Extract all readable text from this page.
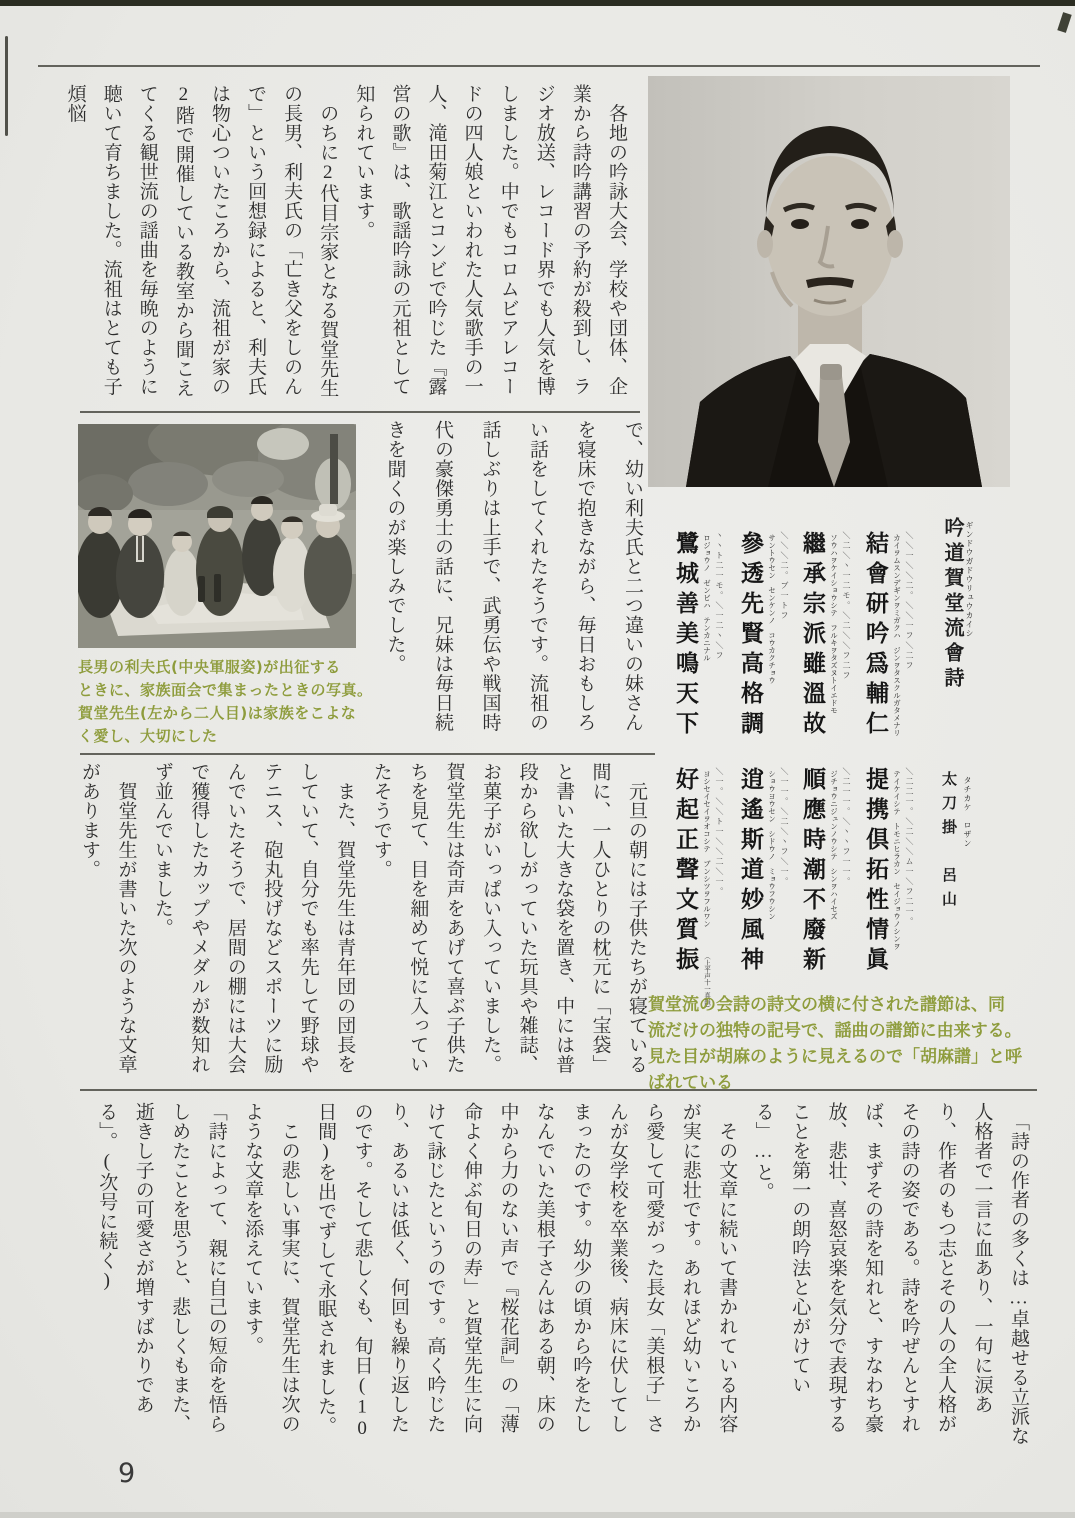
　各地の吟詠大会、学校や団体、企業から詩吟講習の予約が殺到し、ラジオ放送、レコード界でも人気を博しました。中でもコロムビアレコードの四人娘といわれた人気歌手の一人、滝田菊江とコンビで吟じた『露営の歌』は、歌謡吟詠の元祖として知られています。

　のちに2代目宗家となる賀堂先生の長男、利夫氏の「亡き父をしのんで」という回想録によると、利夫氏は物心ついたころから、流祖が家の2階で開催している教室から聞こえてくる観世流の謡曲を毎晩のように聴いて育ちました。流祖はとても子煩悩

で、幼い利夫氏と二つ違いの妹さんを寝床で抱きながら、毎日おもしろい話をしてくれたそうです。流祖の話しぶりは上手で、武勇伝や戦国時代の豪傑勇士の話に、兄妹は毎日続きを聞くのが楽しみでした。

長男の利夫氏(中央軍服姿)が出征する
ときに、家族面会で集まったときの写真。
賀堂先生(左から二人目)は家族をこよな
く愛し、大切にした
吟道賀堂流會詩 ギンドウガドウリュウカイシ
太刀掛　呂山 タチカケ　ロザン
結會研吟爲輔仁 カイヲムスンデギンヲミガクハ　ジンヲタスクルガタメナリ ＼＼一＼＼二。＼＼一フ＼二フ
繼承宗派雖溫故 ソウハヲケイショウシテ　フルキヲタズヌトイエドモ ＼二＼ヽ一二モ。＼二＼＼フ二フ
參透先賢高格調 サントウセン　センケンノ　コウカクチョウ ＼＼＼二。ブ一トフ
鷺城善美鳴天下 ロジョウノ　ゼンビハ　テンカニナル ヽヽト二一モ。＼一二ヽ＼フ
提携倶拓性情眞 テイケイシテ　トモニヒラカン　セイジョウノシンヲ ＼二二一。＼二＼＼ム一＼フ二一。
順應時潮不廢新 ジチョウニジュンノウシテ　シンヲハイセズ ＼二一一。＼ヽヽフ一一。
逍遙斯道妙風神 ショウヨウセン　シドウノ　ミョウフウシン ＼一一。＼二＼ヽフ＼一。
好起正聲文質振 ヨシセイセイヲオコシテ　ブンシツヲフルワン ＼一。＼＼ト一＼＼二＼一。
（上平声十一真韻）
賀堂流の会詩の詩文の横に付された譜節は、同
流だけの独特の記号で、謡曲の譜節に由来する。
見た目が胡麻のように見えるので「胡麻譜」と呼
ばれている

　元旦の朝には子供たちが寝ている間に、一人ひとりの枕元に「宝袋」と書いた大きな袋を置き、中には普段から欲しがっていた玩具や雑誌、お菓子がいっぱい入っていました。賀堂先生は奇声をあげて喜ぶ子供たちを見て、目を細めて悦に入っていたそうです。

　また、賀堂先生は青年団の団長をしていて、自分でも率先して野球やテニス、砲丸投げなどスポーツに励んでいたそうで、居間の棚には大会で獲得したカップやメダルが数知れず並んでいました。

　賀堂先生が書いた次のような文章があります。

　「詩の作者の多くは…卓越せる立派な人格者で一言に血あり、一句に涙あり、作者のもつ志とその人の全人格がその詩の姿である。詩を吟ぜんとすれば、まずその詩を知れと、すなわち豪放、悲壮、喜怒哀楽を気分で表現することを第一の朗吟法と心がけている」…と。

　その文章に続いて書かれている内容が実に悲壮です。あれほど幼いころから愛して可愛がった長女「美根子」さんが女学校を卒業後、病床に伏してしまったのです。幼少の頃から吟をたしなんでいた美根子さんはある朝、床の中から力のない声で『桜花詞』の「薄命よく伸ぶ旬日の寿」と賀堂先生に向けて詠じたというのです。高く吟じたり、あるいは低く、何回も繰り返したのです。そして悲しくも、旬日(10日間)を出でずして永眠されました。

　この悲しい事実に、賀堂先生は次のような文章を添えています。

「詩によって、親に自己の短命を悟らしめたことを思うと、悲しくもまた、逝きし子の可愛さが増すばかりである」。(次号に続く)

9
